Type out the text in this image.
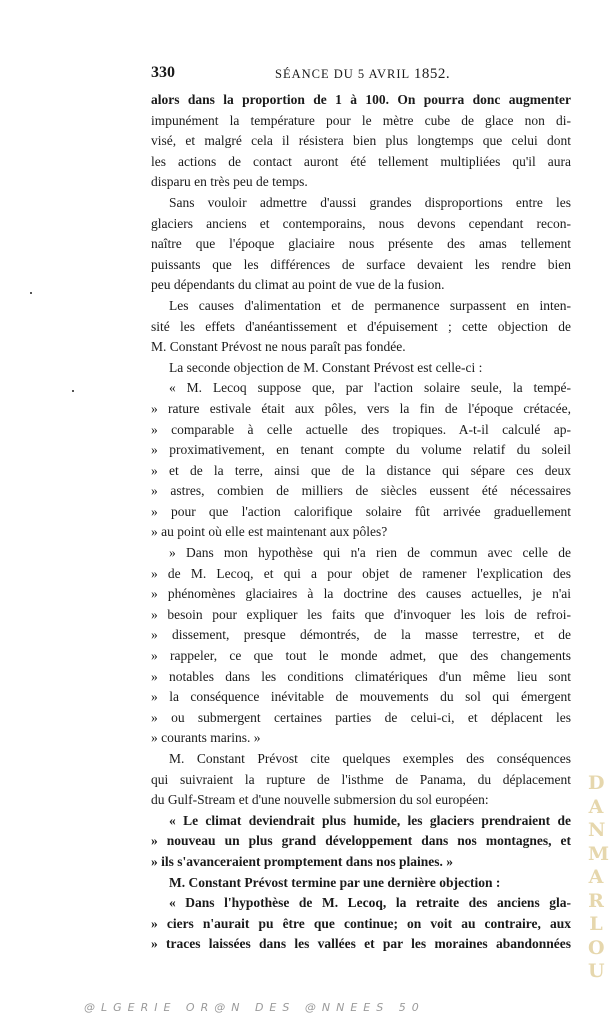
330	SÉANCE DU 5 AVRIL 1852.
alors dans la proportion de 1 à 100. On pourra donc augmenter
impunément la température pour le mètre cube de glace non di-
visé, et malgré cela il résistera bien plus longtemps que celui dont
les actions de contact auront été tellement multipliées qu'il aura
disparu en très peu de temps.
Sans vouloir admettre d'aussi grandes disproportions entre les
glaciers anciens et contemporains, nous devons cependant recon-
naître que l'époque glaciaire nous présente des amas tellement
puissants que les différences de surface devaient les rendre bien
peu dépendants du climat au point de vue de la fusion.
Les causes d'alimentation et de permanence surpassent en inten-
sité les effets d'anéantissement et d'épuisement ; cette objection de
M. Constant Prévost ne nous paraît pas fondée.
La seconde objection de M. Constant Prévost est celle-ci :
« M. Lecoq suppose que, par l'action solaire seule, la tempé-
» rature estivale était aux pôles, vers la fin de l'époque crétacée,
» comparable à celle actuelle des tropiques. A-t-il calculé ap-
» proximativement, en tenant compte du volume relatif du soleil
» et de la terre, ainsi que de la distance qui sépare ces deux
» astres, combien de milliers de siècles eussent été nécessaires
» pour que l'action calorifique solaire fût arrivée graduellement
» au point où elle est maintenant aux pôles?
» Dans mon hypothèse qui n'a rien de commun avec celle de
» de M. Lecoq, et qui a pour objet de ramener l'explication des
» phénomènes glaciaires à la doctrine des causes actuelles, je n'ai
» besoin pour expliquer les faits que d'invoquer les lois de refroi-
» dissement, presque démontrés, de la masse terrestre, et de
» rappeler, ce que tout le monde admet, que des changements
» notables dans les conditions climatériques d'un même lieu sont
» la conséquence inévitable de mouvements du sol qui émergent
» ou submergent certaines parties de celui-ci, et déplacent les
» courants marins. »
M. Constant Prévost cite quelques exemples des conséquences
qui suivraient la rupture de l'isthme de Panama, du déplacement
du Gulf-Stream et d'une nouvelle submersion du sol européen:
« Le climat deviendrait plus humide, les glaciers prendraient de
» nouveau un plus grand développement dans nos montagnes, et
» ils s'avanceraient promptement dans nos plaines. »
M. Constant Prévost termine par une dernière objection :
« Dans l'hypothèse de M. Lecoq, la retraite des anciens gla-
» ciers n'aurait pu être que continue; on voit au contraire, aux
» traces laissées dans les vallées et par les moraines abandonnées
D
A
N
M
A
R
L
O
U
@LGERIE OR@N DES @NNEES 50
